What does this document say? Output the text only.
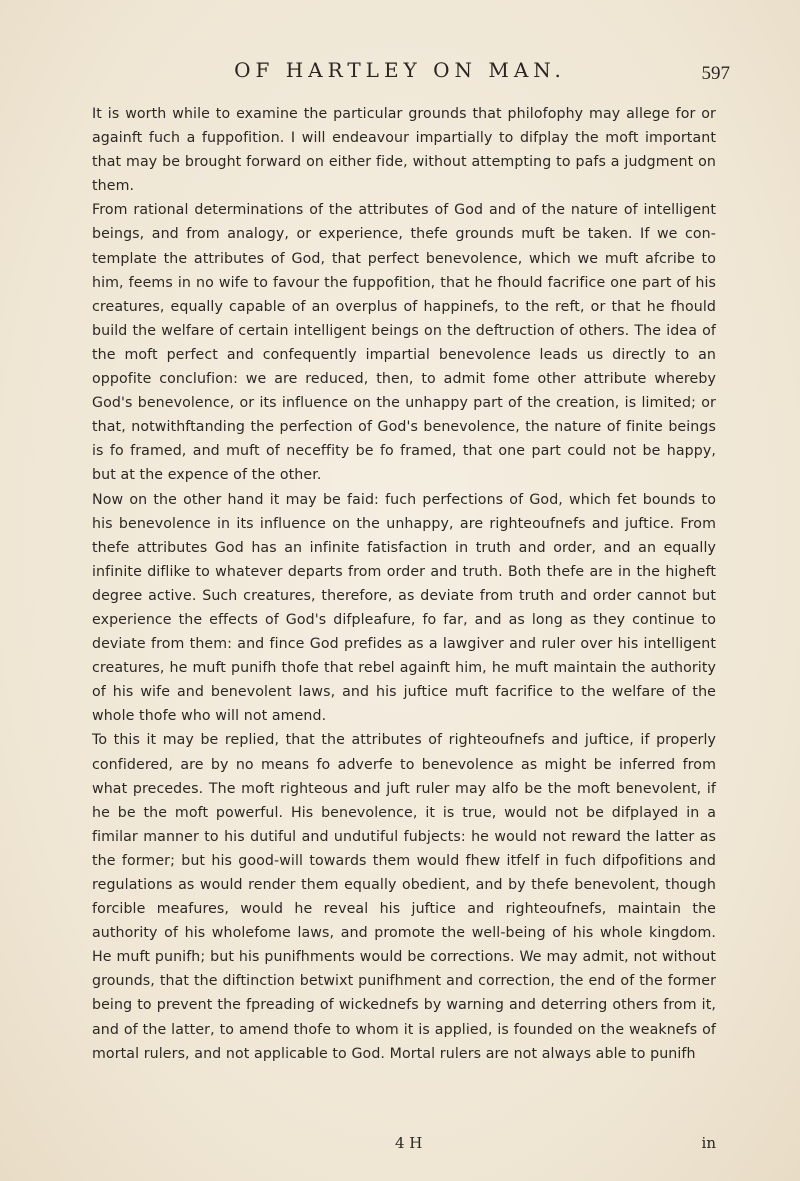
OF HARTLEY ON MAN.	597

It is worth while to examine the particular grounds that philofophy may allege for or againft fuch a fuppofition. I will endeavour impartially to difplay the moft important that may be brought forward on either fide, without attempting to pafs a judgment on them.

From rational determinations of the attributes of God and of the nature of intelligent beings, and from analogy, or experience, thefe grounds muft be taken. If we con-template the attributes of God, that perfect benevolence, which we muft afcribe to him, feems in no wife to favour the fuppofition, that he fhould facrifice one part of his creatures, equally capable of an overplus of happinefs, to the reft, or that he fhould build the welfare of certain intelligent beings on the deftruction of others. The idea of the moft perfect and confequently impartial benevolence leads us directly to an oppofite conclufion: we are reduced, then, to admit fome other attribute whereby God's benevolence, or its influence on the unhappy part of the creation, is limited; or that, notwithftanding the perfection of God's benevolence, the nature of finite beings is fo framed, and muft of neceffity be fo framed, that one part could not be happy, but at the expence of the other.

Now on the other hand it may be faid: fuch perfections of God, which fet bounds to his benevolence in its influence on the unhappy, are righteoufnefs and juftice. From thefe attributes God has an infinite fatisfaction in truth and order, and an equally infinite diflike to whatever departs from order and truth. Both thefe are in the higheft degree active. Such creatures, therefore, as deviate from truth and order cannot but experience the effects of God's difpleafure, fo far, and as long as they continue to deviate from them: and fince God prefides as a lawgiver and ruler over his intelligent creatures, he muft punifh thofe that rebel againft him, he muft maintain the authority of his wife and benevolent laws, and his juftice muft facrifice to the welfare of the whole thofe who will not amend.

To this it may be replied, that the attributes of righteoufnefs and juftice, if properly confidered, are by no means fo adverfe to benevolence as might be inferred from what precedes. The moft righteous and juft ruler may alfo be the moft benevolent, if he be the moft powerful. His benevolence, it is true, would not be difplayed in a fimilar manner to his dutiful and undutiful fubjects: he would not reward the latter as the former; but his good-will towards them would fhew itfelf in fuch difpofitions and regulations as would render them equally obedient, and by thefe benevolent, though forcible meafures, would he reveal his juftice and righteoufnefs, maintain the authority of his wholefome laws, and promote the well-being of his whole kingdom. He muft punifh; but his punifhments would be corrections. We may admit, not without grounds, that the diftinction betwixt punifhment and correction, the end of the former being to prevent the fpreading of wickednefs by warning and deterring others from it, and of the latter, to amend thofe to whom it is applied, is founded on the weaknefs of mortal rulers, and not applicable to God. Mortal rulers are not always able to punifh

4 H	in
